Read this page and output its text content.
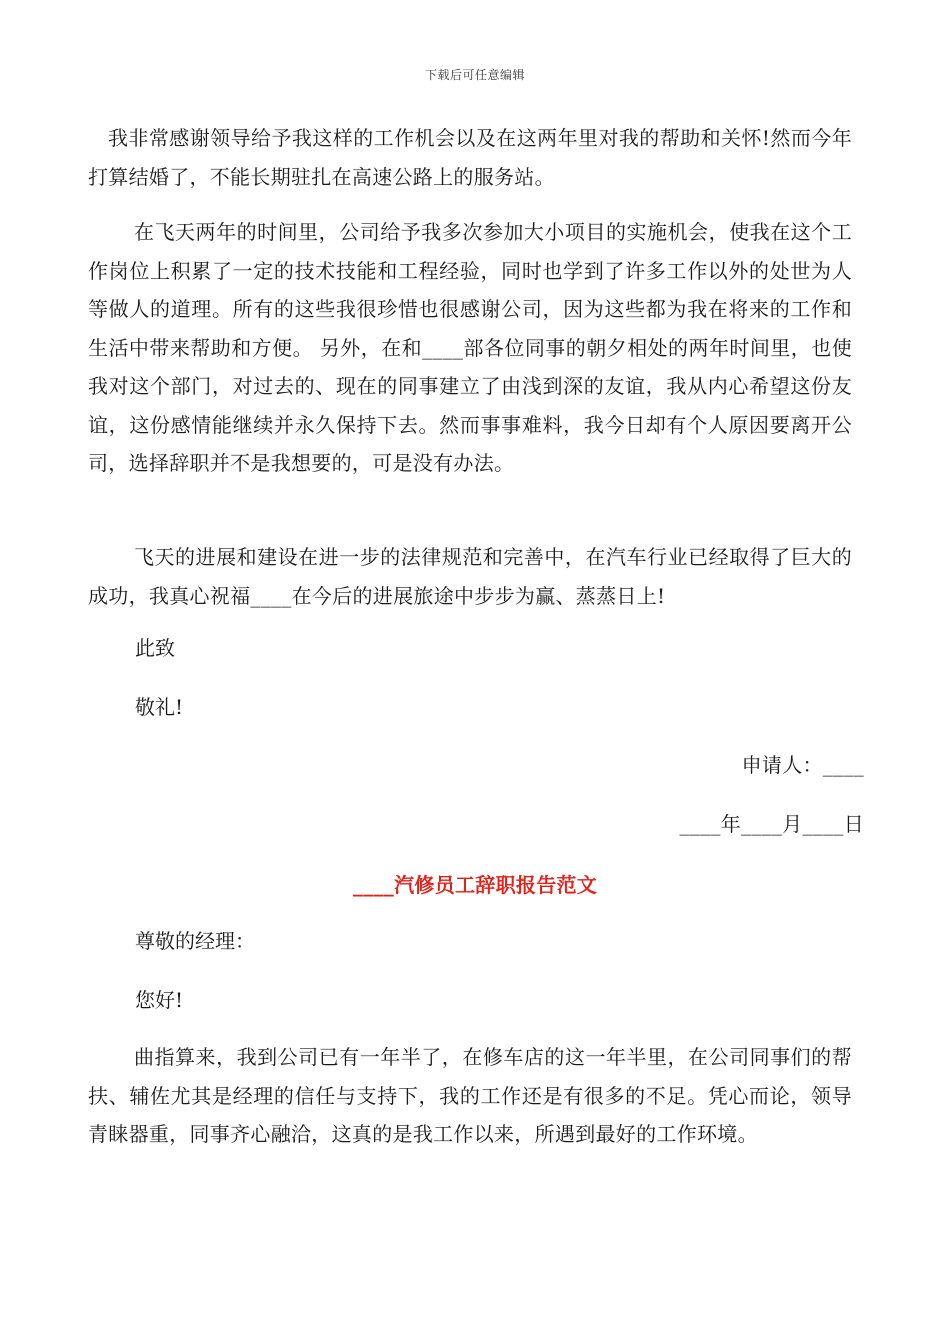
下载后可任意编辑

我非常感谢领导给予我这样的工作机会以及在这两年里对我的帮助和关怀!然而今年打算结婚了，不能长期驻扎在高速公路上的服务站。

在飞天两年的时间里，公司给予我多次参加大小项目的实施机会，使我在这个工作岗位上积累了一定的技术技能和工程经验，同时也学到了许多工作以外的处世为人等做人的道理。所有的这些我很珍惜也很感谢公司，因为这些都为我在将来的工作和生活中带来帮助和方便。 另外，在和____部各位同事的朝夕相处的两年时间里，也使我对这个部门，对过去的、现在的同事建立了由浅到深的友谊，我从内心希望这份友谊，这份感情能继续并永久保持下去。然而事事难料，我今日却有个人原因要离开公司，选择辞职并不是我想要的，可是没有办法。

飞天的进展和建设在进一步的法律规范和完善中，在汽车行业已经取得了巨大的成功，我真心祝福____在今后的进展旅途中步步为赢、蒸蒸日上!

此致
敬礼!
申请人：____
____年____月____日
____汽修员工辞职报告范文
尊敬的经理：
您好!

曲指算来，我到公司已有一年半了，在修车店的这一年半里，在公司同事们的帮扶、辅佐尤其是经理的信任与支持下，我的工作还是有很多的不足。凭心而论，领导青睐器重，同事齐心融洽，这真的是我工作以来，所遇到最好的工作环境。
